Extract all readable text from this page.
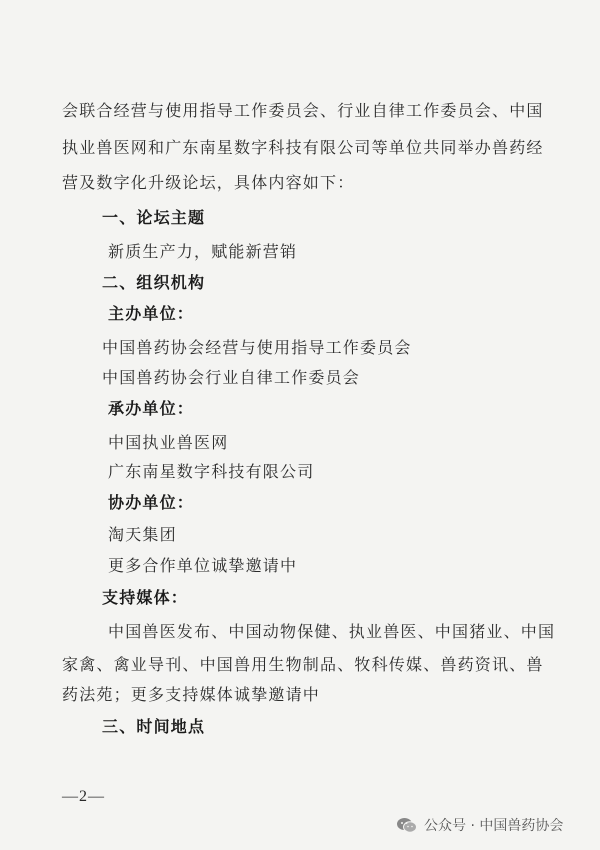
会联合经营与使用指导工作委员会、行业自律工作委员会、中国
执业兽医网和广东南星数字科技有限公司等单位共同举办兽药经
营及数字化升级论坛，具体内容如下：
一、论坛主题
新质生产力，赋能新营销
二、组织机构
主办单位：
中国兽药协会经营与使用指导工作委员会
中国兽药协会行业自律工作委员会
承办单位：
中国执业兽医网
广东南星数字科技有限公司
协办单位：
淘天集团
更多合作单位诚挚邀请中
支持媒体：
中国兽医发布、中国动物保健、执业兽医、中国猪业、中国
家禽、禽业导刊、中国兽用生物制品、牧科传媒、兽药资讯、兽
药法苑；更多支持媒体诚挚邀请中
三、时间地点
—2—
公众号 · 中国兽药协会
